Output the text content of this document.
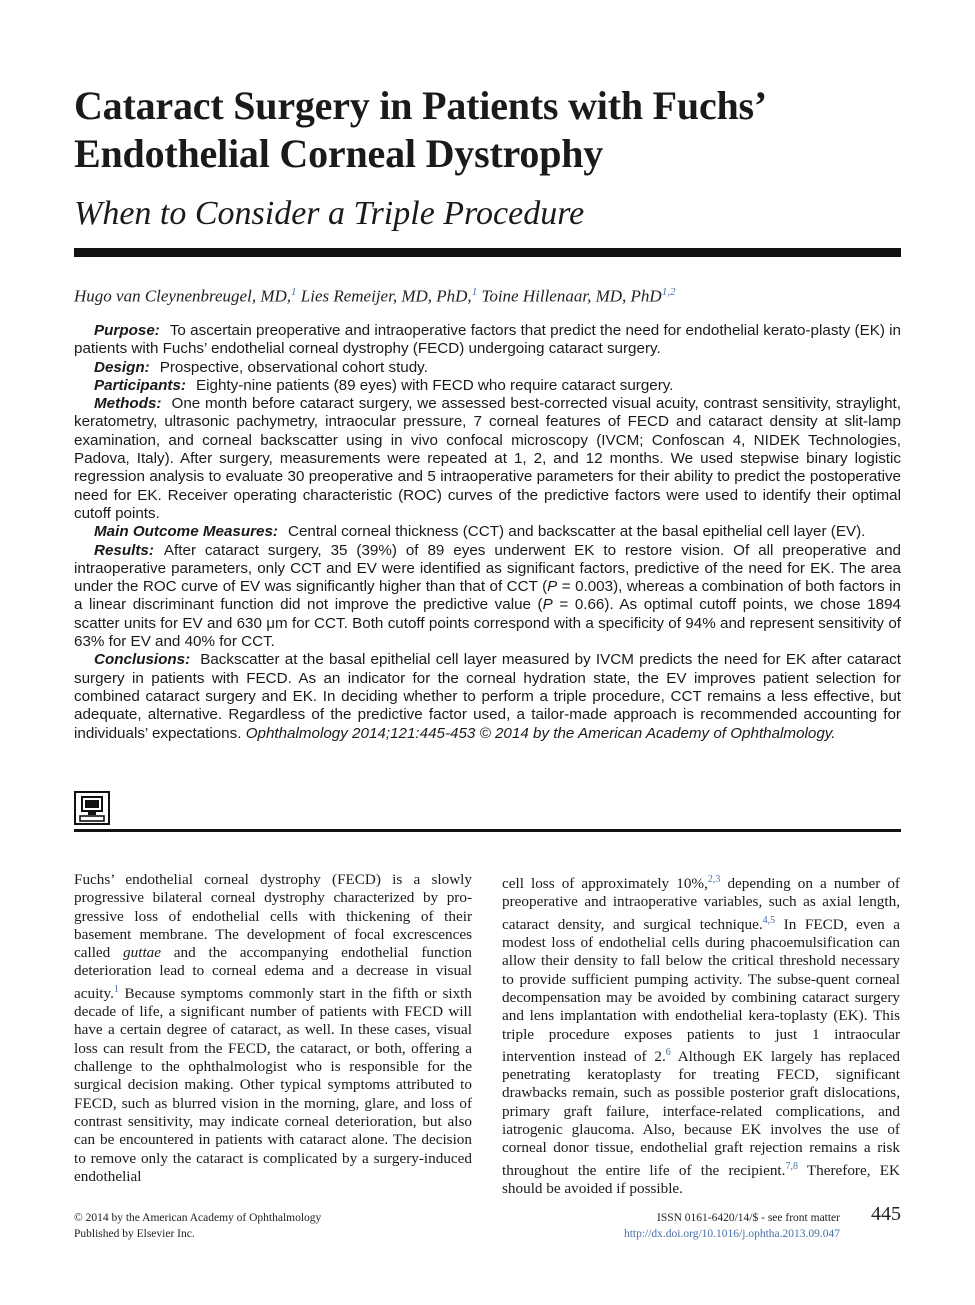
Cataract Surgery in Patients with Fuchs’
Endothelial Corneal Dystrophy
When to Consider a Triple Procedure
Hugo van Cleynenbreugel, MD,$^1$ Lies Remeijer, MD, PhD,$^1$ Toine Hillenaar, MD, PhD$^{1,2}$

Purpose: To ascertain preoperative and intraoperative factors that predict the need for endothelial kerato-plasty (EK) in patients with Fuchs’ endothelial corneal dystrophy (FECD) undergoing cataract surgery.

Design: Prospective, observational cohort study.

Participants: Eighty-nine patients (89 eyes) with FECD who require cataract surgery.

Methods: One month before cataract surgery, we assessed best-corrected visual acuity, contrast sensitivity, straylight, keratometry, ultrasonic pachymetry, intraocular pressure, 7 corneal features of FECD and cataract density at slit-lamp examination, and corneal backscatter using in vivo confocal microscopy (IVCM; Confoscan 4, NIDEK Technologies, Padova, Italy). After surgery, measurements were repeated at 1, 2, and 12 months. We used stepwise binary logistic regression analysis to evaluate 30 preoperative and 5 intraoperative parameters for their ability to predict the postoperative need for EK. Receiver operating characteristic (ROC) curves of the predictive factors were used to identify their optimal cutoff points.

Main Outcome Measures: Central corneal thickness (CCT) and backscatter at the basal epithelial cell layer (EV).

Results: After cataract surgery, 35 (39%) of 89 eyes underwent EK to restore vision. Of all preoperative and intraoperative parameters, only CCT and EV were identified as significant factors, predictive of the need for EK. The area under the ROC curve of EV was significantly higher than that of CCT (P = 0.003), whereas a combination of both factors in a linear discriminant function did not improve the predictive value (P = 0.66). As optimal cutoff points, we chose 1894 scatter units for EV and 630 μm for CCT. Both cutoff points correspond with a specificity of 94% and represent sensitivity of 63% for EV and 40% for CCT.

Conclusions: Backscatter at the basal epithelial cell layer measured by IVCM predicts the need for EK after cataract surgery in patients with FECD. As an indicator for the corneal hydration state, the EV improves patient selection for combined cataract surgery and EK. In deciding whether to perform a triple procedure, CCT remains a less effective, but adequate, alternative. Regardless of the predictive factor used, a tailor-made approach is recommended accounting for individuals’ expectations. Ophthalmology 2014;121:445-453 © 2014 by the American Academy of Ophthalmology.

Fuchs’ endothelial corneal dystrophy (FECD) is a slowly progressive bilateral corneal dystrophy characterized by pro-gressive loss of endothelial cells with thickening of their basement membrane. The development of focal excrescences called guttae and the accompanying endothelial function deterioration lead to corneal edema and a decrease in visual acuity.$^1$ Because symptoms commonly start in the fifth or sixth decade of life, a significant number of patients with FECD will have a certain degree of cataract, as well. In these cases, visual loss can result from the FECD, the cataract, or both, offering a challenge to the ophthalmologist who is responsible for the surgical decision making. Other typical symptoms attributed to FECD, such as blurred vision in the morning, glare, and loss of contrast sensitivity, may indicate corneal deterioration, but also can be encountered in patients with cataract alone. The decision to remove only the cataract is complicated by a surgery-induced endothelial

cell loss of approximately 10%,$^{2,3}$ depending on a number of preoperative and intraoperative variables, such as axial length, cataract density, and surgical technique.$^{4,5}$ In FECD, even a modest loss of endothelial cells during phacoemulsification can allow their density to fall below the critical threshold necessary to provide sufficient pumping activity. The subse-quent corneal decompensation may be avoided by combining cataract surgery and lens implantation with endothelial kera-toplasty (EK). This triple procedure exposes patients to just 1 intraocular intervention instead of 2.$^6$ Although EK largely has replaced penetrating keratoplasty for treating FECD, significant drawbacks remain, such as possible posterior graft dislocations, primary graft failure, interface-related complications, and iatrogenic glaucoma. Also, because EK involves the use of corneal donor tissue, endothelial graft rejection remains a risk throughout the entire life of the recipient.$^{7,8}$ Therefore, EK should be avoided if possible.

© 2014 by the American Academy of Ophthalmology
Published by Elsevier Inc.
ISSN 0161-6420/14/$ - see front matter
http://dx.doi.org/10.1016/j.ophtha.2013.09.047
445
